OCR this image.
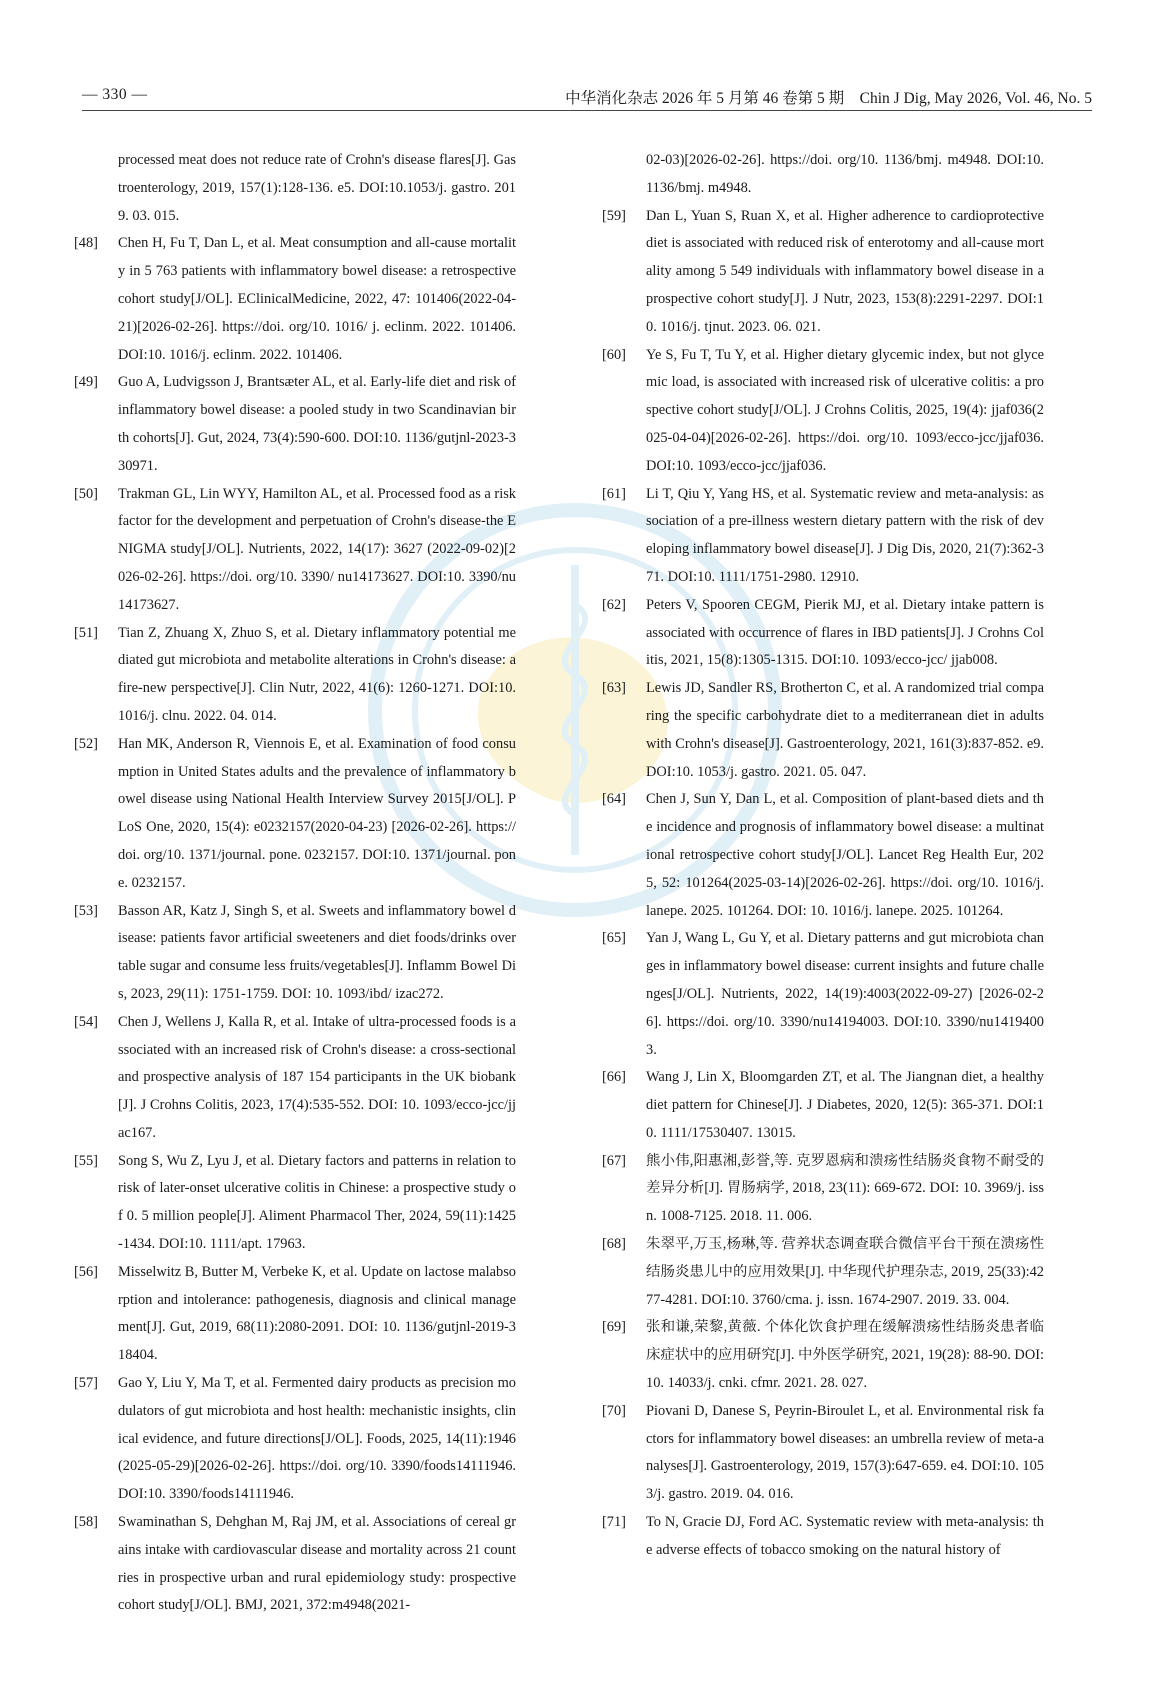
— 330 —	中华消化杂志 2026 年 5 月第 46 卷第 5 期　Chin J Dig, May 2026, Vol. 46, No. 5
processed meat does not reduce rate of Crohn's disease flares[J]. Gastroenterology, 2019, 157(1):128-136. e5. DOI:10.1053/j. gastro. 2019. 03. 015.
[48]	Chen H, Fu T, Dan L, et al. Meat consumption and all-cause mortality in 5 763 patients with inflammatory bowel disease: a retrospective cohort study[J/OL]. EClinicalMedicine, 2022, 47: 101406(2022-04-21)[2026-02-26]. https://doi. org/10. 1016/ j. eclinm. 2022. 101406. DOI:10. 1016/j. eclinm. 2022. 101406.
[49]	Guo A, Ludvigsson J, Brantsæter AL, et al. Early-life diet and risk of inflammatory bowel disease: a pooled study in two Scandinavian birth cohorts[J]. Gut, 2024, 73(4):590-600. DOI:10. 1136/gutjnl-2023-330971.
[50]	Trakman GL, Lin WYY, Hamilton AL, et al. Processed food as a risk factor for the development and perpetuation of Crohn's disease-the ENIGMA study[J/OL]. Nutrients, 2022, 14(17): 3627 (2022-09-02)[2026-02-26]. https://doi. org/10. 3390/ nu14173627. DOI:10. 3390/nu14173627.
[51]	Tian Z, Zhuang X, Zhuo S, et al. Dietary inflammatory potential mediated gut microbiota and metabolite alterations in Crohn's disease: a fire-new perspective[J]. Clin Nutr, 2022, 41(6): 1260-1271. DOI:10. 1016/j. clnu. 2022. 04. 014.
[52]	Han MK, Anderson R, Viennois E, et al. Examination of food consumption in United States adults and the prevalence of inflammatory bowel disease using National Health Interview Survey 2015[J/OL]. PLoS One, 2020, 15(4): e0232157(2020-04-23) [2026-02-26]. https://doi. org/10. 1371/journal. pone. 0232157. DOI:10. 1371/journal. pone. 0232157.
[53]	Basson AR, Katz J, Singh S, et al. Sweets and inflammatory bowel disease: patients favor artificial sweeteners and diet foods/drinks over table sugar and consume less fruits/vegetables[J]. Inflamm Bowel Dis, 2023, 29(11): 1751-1759. DOI: 10. 1093/ibd/ izac272.
[54]	Chen J, Wellens J, Kalla R, et al. Intake of ultra-processed foods is associated with an increased risk of Crohn's disease: a cross-sectional and prospective analysis of 187 154 participants in the UK biobank[J]. J Crohns Colitis, 2023, 17(4):535-552. DOI: 10. 1093/ecco-jcc/jjac167.
[55]	Song S, Wu Z, Lyu J, et al. Dietary factors and patterns in relation to risk of later-onset ulcerative colitis in Chinese: a prospective study of 0. 5 million people[J]. Aliment Pharmacol Ther, 2024, 59(11):1425-1434. DOI:10. 1111/apt. 17963.
[56]	Misselwitz B, Butter M, Verbeke K, et al. Update on lactose malabsorption and intolerance: pathogenesis, diagnosis and clinical management[J]. Gut, 2019, 68(11):2080-2091. DOI: 10. 1136/gutjnl-2019-318404.
[57]	Gao Y, Liu Y, Ma T, et al. Fermented dairy products as precision modulators of gut microbiota and host health: mechanistic insights, clinical evidence, and future directions[J/OL]. Foods, 2025, 14(11):1946(2025-05-29)[2026-02-26]. https://doi. org/10. 3390/foods14111946. DOI:10. 3390/foods14111946.
[58]	Swaminathan S, Dehghan M, Raj JM, et al. Associations of cereal grains intake with cardiovascular disease and mortality across 21 countries in prospective urban and rural epidemiology study: prospective cohort study[J/OL]. BMJ, 2021, 372:m4948(2021-
02-03)[2026-02-26]. https://doi. org/10. 1136/bmj. m4948. DOI:10. 1136/bmj. m4948.
[59]	Dan L, Yuan S, Ruan X, et al. Higher adherence to cardioprotective diet is associated with reduced risk of enterotomy and all-cause mortality among 5 549 individuals with inflammatory bowel disease in a prospective cohort study[J]. J Nutr, 2023, 153(8):2291-2297. DOI:10. 1016/j. tjnut. 2023. 06. 021.
[60]	Ye S, Fu T, Tu Y, et al. Higher dietary glycemic index, but not glycemic load, is associated with increased risk of ulcerative colitis: a prospective cohort study[J/OL]. J Crohns Colitis, 2025, 19(4): jjaf036(2025-04-04)[2026-02-26]. https://doi. org/10. 1093/ecco-jcc/jjaf036. DOI:10. 1093/ecco-jcc/jjaf036.
[61]	Li T, Qiu Y, Yang HS, et al. Systematic review and meta-analysis: association of a pre-illness western dietary pattern with the risk of developing inflammatory bowel disease[J]. J Dig Dis, 2020, 21(7):362-371. DOI:10. 1111/1751-2980. 12910.
[62]	Peters V, Spooren CEGM, Pierik MJ, et al. Dietary intake pattern is associated with occurrence of flares in IBD patients[J]. J Crohns Colitis, 2021, 15(8):1305-1315. DOI:10. 1093/ecco-jcc/ jjab008.
[63]	Lewis JD, Sandler RS, Brotherton C, et al. A randomized trial comparing the specific carbohydrate diet to a mediterranean diet in adults with Crohn's disease[J]. Gastroenterology, 2021, 161(3):837-852. e9. DOI:10. 1053/j. gastro. 2021. 05. 047.
[64]	Chen J, Sun Y, Dan L, et al. Composition of plant-based diets and the incidence and prognosis of inflammatory bowel disease: a multinational retrospective cohort study[J/OL]. Lancet Reg Health Eur, 2025, 52: 101264(2025-03-14)[2026-02-26]. https://doi. org/10. 1016/j. lanepe. 2025. 101264. DOI: 10. 1016/j. lanepe. 2025. 101264.
[65]	Yan J, Wang L, Gu Y, et al. Dietary patterns and gut microbiota changes in inflammatory bowel disease: current insights and future challenges[J/OL]. Nutrients, 2022, 14(19):4003(2022-09-27) [2026-02-26]. https://doi. org/10. 3390/nu14194003. DOI:10. 3390/nu14194003.
[66]	Wang J, Lin X, Bloomgarden ZT, et al. The Jiangnan diet, a healthy diet pattern for Chinese[J]. J Diabetes, 2020, 12(5): 365-371. DOI:10. 1111/17530407. 13015.
[67]	熊小伟,阳惠湘,彭誉,等. 克罗恩病和溃疡性结肠炎食物不耐受的差异分析[J]. 胃肠病学, 2018, 23(11): 669-672. DOI: 10. 3969/j. issn. 1008-7125. 2018. 11. 006.
[68]	朱翠平,万玉,杨琳,等. 营养状态调查联合微信平台干预在溃疡性结肠炎患儿中的应用效果[J]. 中华现代护理杂志, 2019, 25(33):4277-4281. DOI:10. 3760/cma. j. issn. 1674-2907. 2019. 33. 004.
[69]	张和谦,荣黎,黄薇. 个体化饮食护理在缓解溃疡性结肠炎患者临床症状中的应用研究[J]. 中外医学研究, 2021, 19(28): 88-90. DOI:10. 14033/j. cnki. cfmr. 2021. 28. 027.
[70]	Piovani D, Danese S, Peyrin-Biroulet L, et al. Environmental risk factors for inflammatory bowel diseases: an umbrella review of meta-analyses[J]. Gastroenterology, 2019, 157(3):647-659. e4. DOI:10. 1053/j. gastro. 2019. 04. 016.
[71]	To N, Gracie DJ, Ford AC. Systematic review with meta-analysis: the adverse effects of tobacco smoking on the natural history of
